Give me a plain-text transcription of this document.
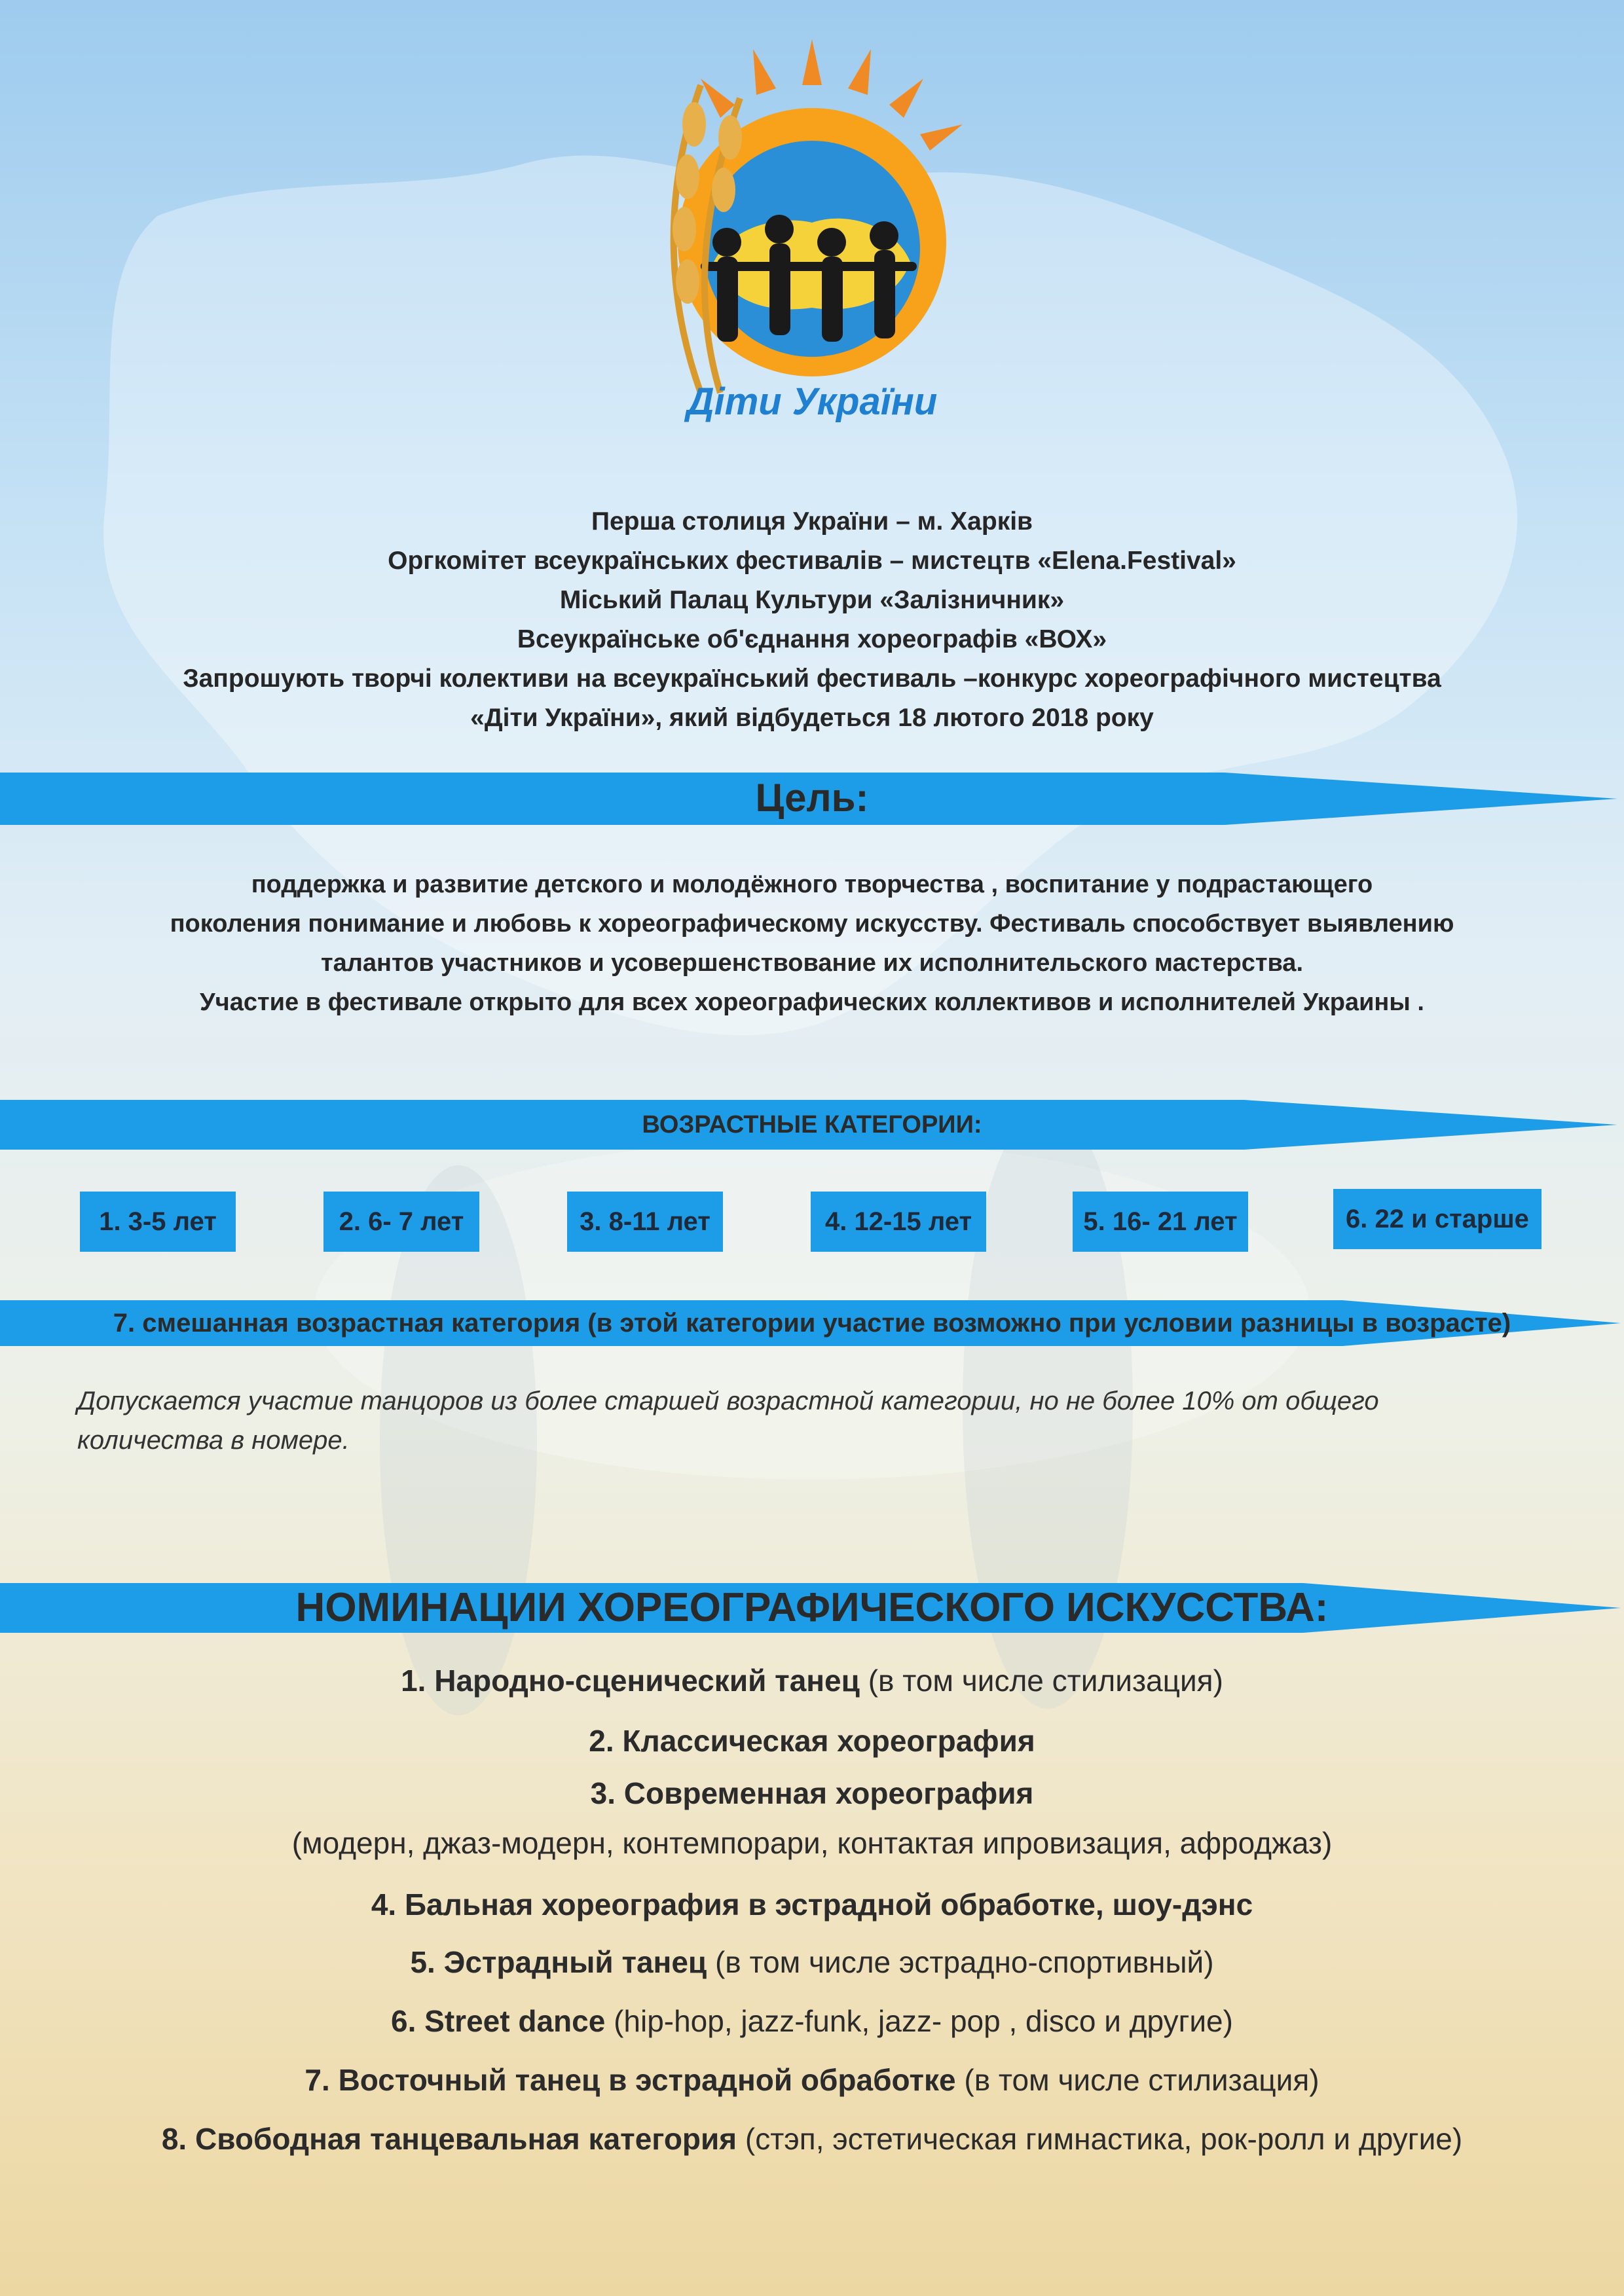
Діти України
Перша столиця України – м. Харків
Оргкомітет всеукраїнських фестивалів – мистецтв «Elena.Festival»
Міський Палац Культури «Залізничник»
Всеукраїнське об'єднання хореографів «ВОХ»
Запрошують творчі колективи на всеукраїнський фестиваль –конкурс хореографічного мистецтва
«Діти України», який відбудеться 18 лютого 2018 року
Цель:
поддержка и развитие детского и молодёжного творчества , воспитание у подрастающего
поколения понимание и любовь к хореографическому искусству. Фестиваль способствует выявлению
талантов участников и усовершенствование их исполнительского мастерства.
Участие в фестивале открыто для всех хореографических коллективов и исполнителей Украины .
ВОЗРАСТНЫЕ КАТЕГОРИИ:
1. 3-5 лет	2. 6- 7 лет	3. 8-11 лет	4. 12-15 лет	5. 16- 21 лет	6. 22 и старше
7. смешанная возрастная категория (в этой категории участие возможно при условии разницы в возрасте)
Допускается участие танцоров из более старшей возрастной категории, но не более 10% от общего
количества в номере.
НОМИНАЦИИ ХОРЕОГРАФИЧЕСКОГО ИСКУССТВА:
1. Народно-сценический танец (в том числе стилизация)
2. Классическая хореография
3. Современная хореография
(модерн, джаз-модерн, контемпорари, контактая ипровизация, афроджаз)
4. Бальная хореография в эстрадной обработке, шоу-дэнс
5. Эстрадный танец (в том числе эстрадно-спортивный)
6. Street dance (hip-hop, jazz-funk, jazz- pop , disco и другие)
7. Восточный танец в эстрадной обработке (в том числе стилизация)
8. Свободная танцевальная категория (стэп, эстетическая гимнастика, рок-ролл и другие)
